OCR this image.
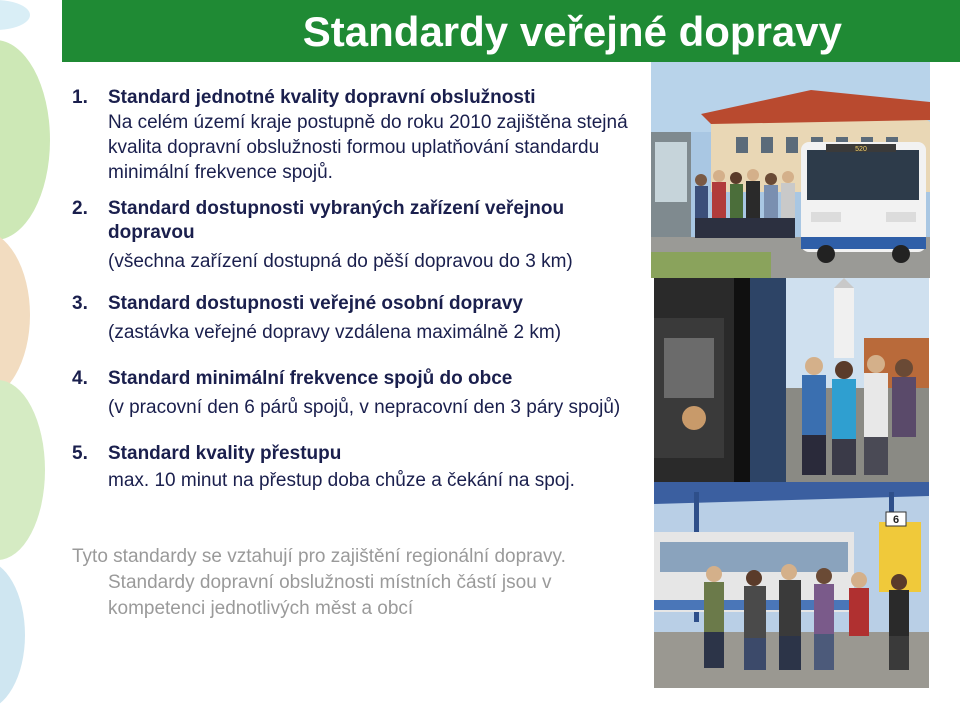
Standardy veřejné dopravy
1. Standard jednotné kvality dopravní obslužnosti
Na celém území kraje postupně do roku 2010 zajištěna stejná kvalita dopravní obslužnosti formou uplatňování standardu minimální frekvence spojů.
2. Standard dostupnosti vybraných zařízení veřejnou
dopravou
(všechna zařízení dostupná do pěší dopravou do 3 km)
3. Standard dostupnosti veřejné osobní dopravy
(zastávka veřejné dopravy vzdálena maximálně 2 km)
4. Standard minimální frekvence spojů do obce
(v pracovní den 6 párů spojů, v nepracovní den 3 páry spojů)
5. Standard kvality přestupu
max. 10 minut na přestup doba chůze a čekání na spoj.
Tyto standardy se vztahují pro zajištění regionální dopravy.
Standardy dopravní obslužnosti místních částí jsou v kompetenci jednotlivých měst a obcí
520
6
